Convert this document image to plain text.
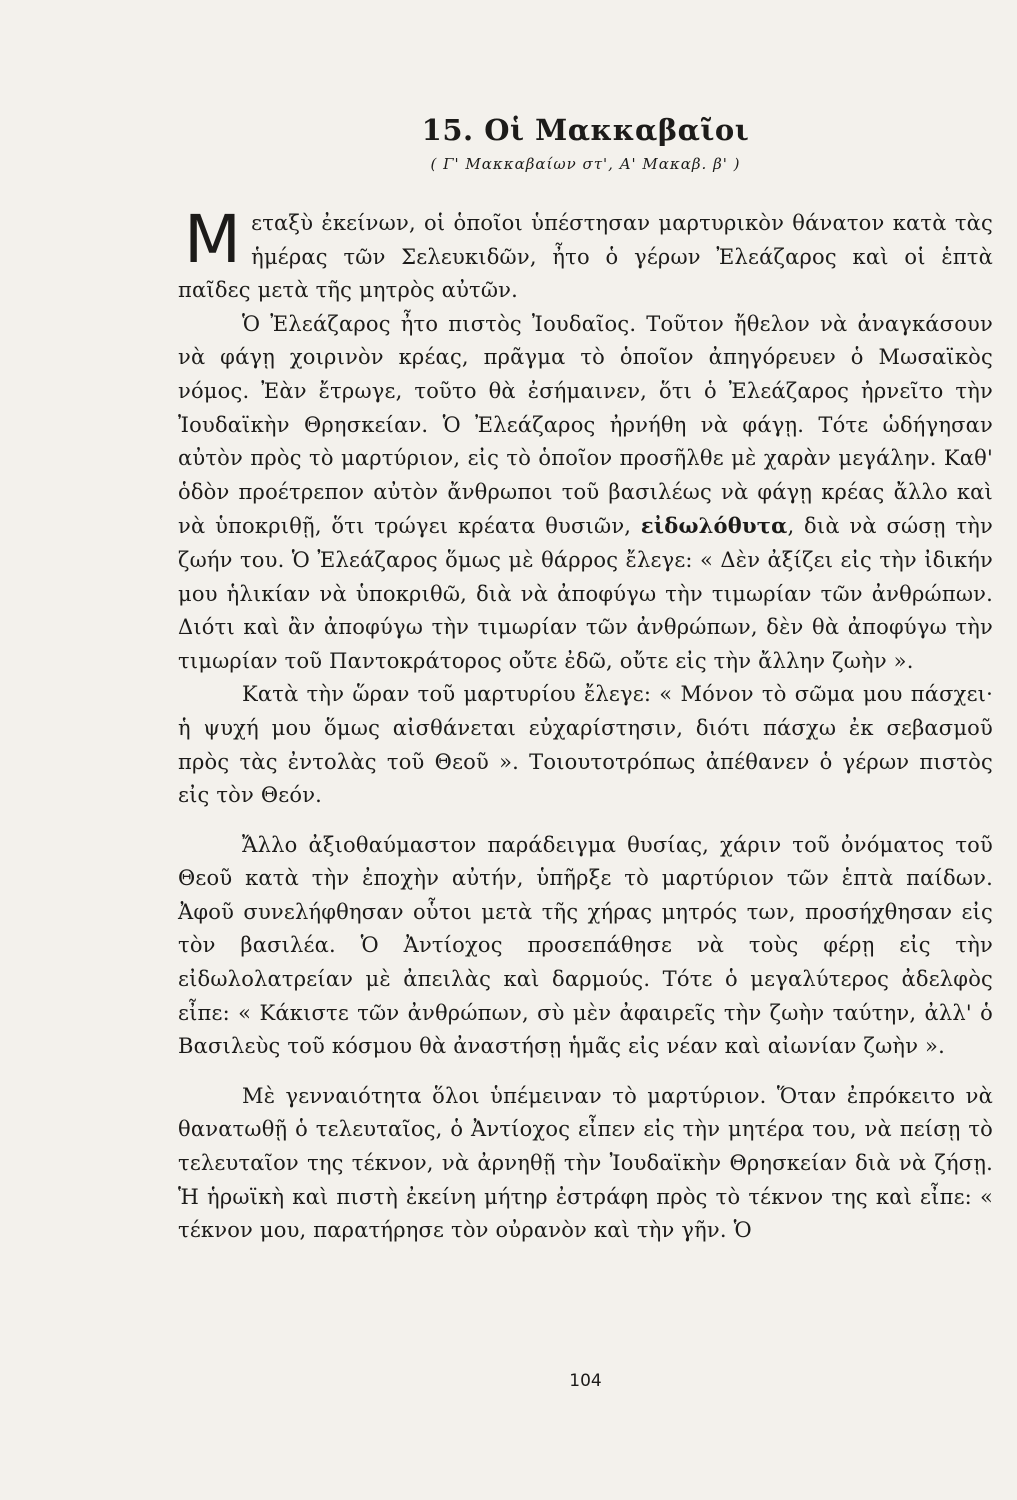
15. Οἱ Μακκαβαῖοι
( Γ' Μακκαβαίων στ', Α' Μακαβ. β' )

Μεταξὺ ἐκείνων, οἱ ὁποῖοι ὑπέστησαν μαρτυρικὸν θάνατον κατὰ τὰς ἡμέρας τῶν Σελευκιδῶν, ἦτο ὁ γέρων Ἐλεάζαρος καὶ οἱ ἑπτὰ παῖδες μετὰ τῆς μητρὸς αὐτῶν.

Ὁ Ἐλεάζαρος ἦτο πιστὸς Ἰουδαῖος. Τοῦτον ἤθελον νὰ ἀναγκάσουν νὰ φάγῃ χοιρινὸν κρέας, πρᾶγμα τὸ ὁποῖον ἀπηγόρευεν ὁ Μωσαϊκὸς νόμος. Ἐὰν ἔτρωγε, τοῦτο θὰ ἐσήμαινεν, ὅτι ὁ Ἐλεάζαρος ἠρνεῖτο τὴν Ἰουδαϊκὴν Θρησκείαν. Ὁ Ἐλεάζαρος ἠρνήθη νὰ φάγῃ. Τότε ὡδήγησαν αὐτὸν πρὸς τὸ μαρτύριον, εἰς τὸ ὁποῖον προσῆλθε μὲ χαρὰν μεγάλην. Καθ' ὁδὸν προέτρεπον αὐτὸν ἄνθρωποι τοῦ βασιλέως νὰ φάγῃ κρέας ἄλλο καὶ νὰ ὑποκριθῇ, ὅτι τρώγει κρέατα θυσιῶν, εἰδωλόθυτα, διὰ νὰ σώσῃ τὴν ζωήν του. Ὁ Ἐλεάζαρος ὅμως μὲ θάρρος ἔλεγε: « Δὲν ἀξίζει εἰς τὴν ἰδικήν μου ἡλικίαν νὰ ὑποκριθῶ, διὰ νὰ ἀποφύγω τὴν τιμωρίαν τῶν ἀνθρώπων. Διότι καὶ ἂν ἀποφύγω τὴν τιμωρίαν τῶν ἀνθρώπων, δὲν θὰ ἀποφύγω τὴν τιμωρίαν τοῦ Παντοκράτορος οὔτε ἐδῶ, οὔτε εἰς τὴν ἄλλην ζωὴν ».

Κατὰ τὴν ὥραν τοῦ μαρτυρίου ἔλεγε: « Μόνον τὸ σῶμα μου πάσχει· ἡ ψυχή μου ὅμως αἰσθάνεται εὐχαρίστησιν, διότι πάσχω ἐκ σεβασμοῦ πρὸς τὰς ἐντολὰς τοῦ Θεοῦ ». Τοιουτοτρόπως ἀπέθανεν ὁ γέρων πιστὸς εἰς τὸν Θεόν.

Ἄλλο ἀξιοθαύμαστον παράδειγμα θυσίας, χάριν τοῦ ὀνόματος τοῦ Θεοῦ κατὰ τὴν ἐποχὴν αὐτήν, ὑπῆρξε τὸ μαρτύριον τῶν ἑπτὰ παίδων. Ἀφοῦ συνελήφθησαν οὗτοι μετὰ τῆς χήρας μητρός των, προσήχθησαν εἰς τὸν βασιλέα. Ὁ Ἀντίοχος προσεπάθησε νὰ τοὺς φέρῃ εἰς τὴν εἰδωλολατρείαν μὲ ἀπειλὰς καὶ δαρμούς. Τότε ὁ μεγαλύτερος ἀδελφὸς εἶπε: « Κάκιστε τῶν ἀνθρώπων, σὺ μὲν ἀφαιρεῖς τὴν ζωὴν ταύτην, ἀλλ' ὁ Βασιλεὺς τοῦ κόσμου θὰ ἀναστήσῃ ἡμᾶς εἰς νέαν καὶ αἰωνίαν ζωὴν ».

Μὲ γενναιότητα ὅλοι ὑπέμειναν τὸ μαρτύριον. Ὅταν ἐπρόκειτο νὰ θανατωθῇ ὁ τελευταῖος, ὁ Ἀντίοχος εἶπεν εἰς τὴν μητέρα του, νὰ πείσῃ τὸ τελευταῖον της τέκνον, νὰ ἀρνηθῇ τὴν Ἰουδαϊκὴν Θρησκείαν διὰ νὰ ζήσῃ. Ἡ ἡρωϊκὴ καὶ πιστὴ ἐκείνη μήτηρ ἐστράφη πρὸς τὸ τέκνον της καὶ εἶπε: « τέκνον μου, παρατήρησε τὸν οὐρανὸν καὶ τὴν γῆν. Ὁ

104
